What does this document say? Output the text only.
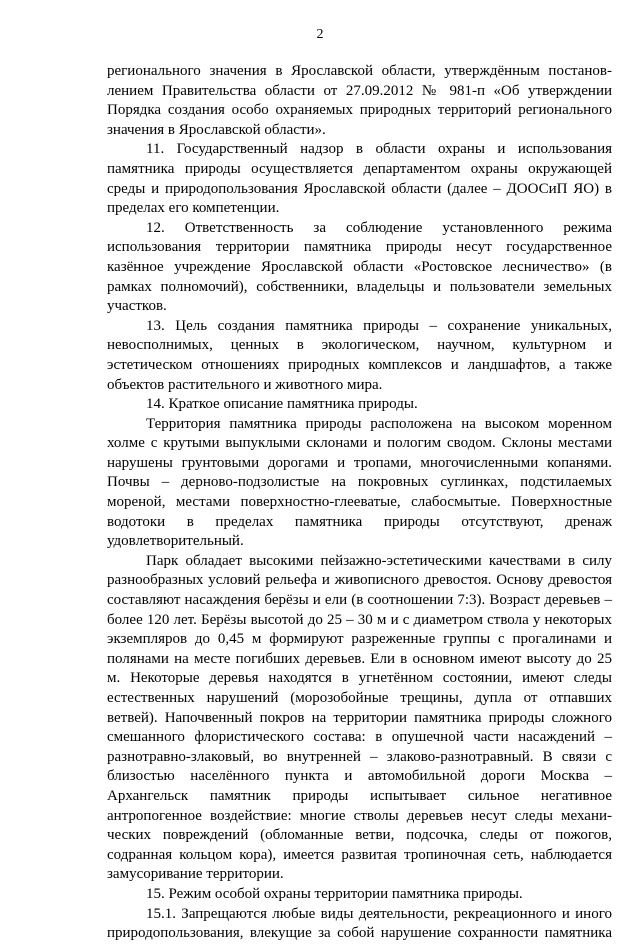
2

регионального значения в Ярославской области, утверждённым постановлением Правительства области от 27.09.2012 № 981-п «Об утверждении Порядка создания особо охраняемых природных территорий регионального значения в Ярославской области».

11. Государственный надзор в области охраны и использования памятника природы осуществляется департаментом охраны окружающей среды и природопользования Ярославской области (далее – ДООСиП ЯО) в пределах его компетенции.

12. Ответственность за соблюдение установленного режима использования территории памятника природы несут государственное казённое учреждение Ярославской области «Ростовское лесничество» (в рамках полномочий), собственники, владельцы и пользователи земельных участков.

13. Цель создания памятника природы – сохранение уникальных, невосполнимых, ценных в экологическом, научном, культурном и эстетическом отношениях природных комплексов и ландшафтов, а также объектов растительного и животного мира.

14. Краткое описание памятника природы.

Территория памятника природы расположена на высоком моренном холме с крутыми выпуклыми склонами и пологим сводом. Склоны местами нарушены грунтовыми дорогами и тропами, многочисленными копанями. Почвы – дерново-подзолистые на покровных суглинках, подстилаемых мореной, местами поверхностно-глееватые, слабосмытые. Поверхностные водотоки в пределах памятника природы отсутствуют, дренаж удовлетворительный.

Парк обладает высокими пейзажно-эстетическими качествами в силу разнообразных условий рельефа и живописного древостоя. Основу древостоя составляют насаждения берёзы и ели (в соотношении 7:3). Возраст деревьев – более 120 лет. Берёзы высотой до 25 – 30 м и с диаметром ствола у некоторых экземпляров до 0,45 м формируют разреженные группы с прогалинами и полянами на месте погибших деревьев. Ели в основном имеют высоту до 25 м. Некоторые деревья находятся в угнетённом состоянии, имеют следы естественных нарушений (морозобойные трещины, дупла от отпавших ветвей). Напочвенный покров на территории памятника природы сложного смешанного флористического состава: в опушечной части насаждений – разнотравно-злаковый, во внутренней – злаково-разнотравный. В связи с близостью населённого пункта и автомобильной дороги Москва – Архангельск памятник природы испытывает сильное негативное антропогенное воздействие: многие стволы деревьев несут следы механических повреждений (обломанные ветви, подсочка, следы от пожогов, содранная кольцом кора), имеется развитая тропиночная сеть, наблюдается замусоривание территории.

15. Режим особой охраны территории памятника природы.

15.1. Запрещаются любые виды деятельности, рекреационного и иного природопользования, влекущие за собой нарушение сохранности памятника
